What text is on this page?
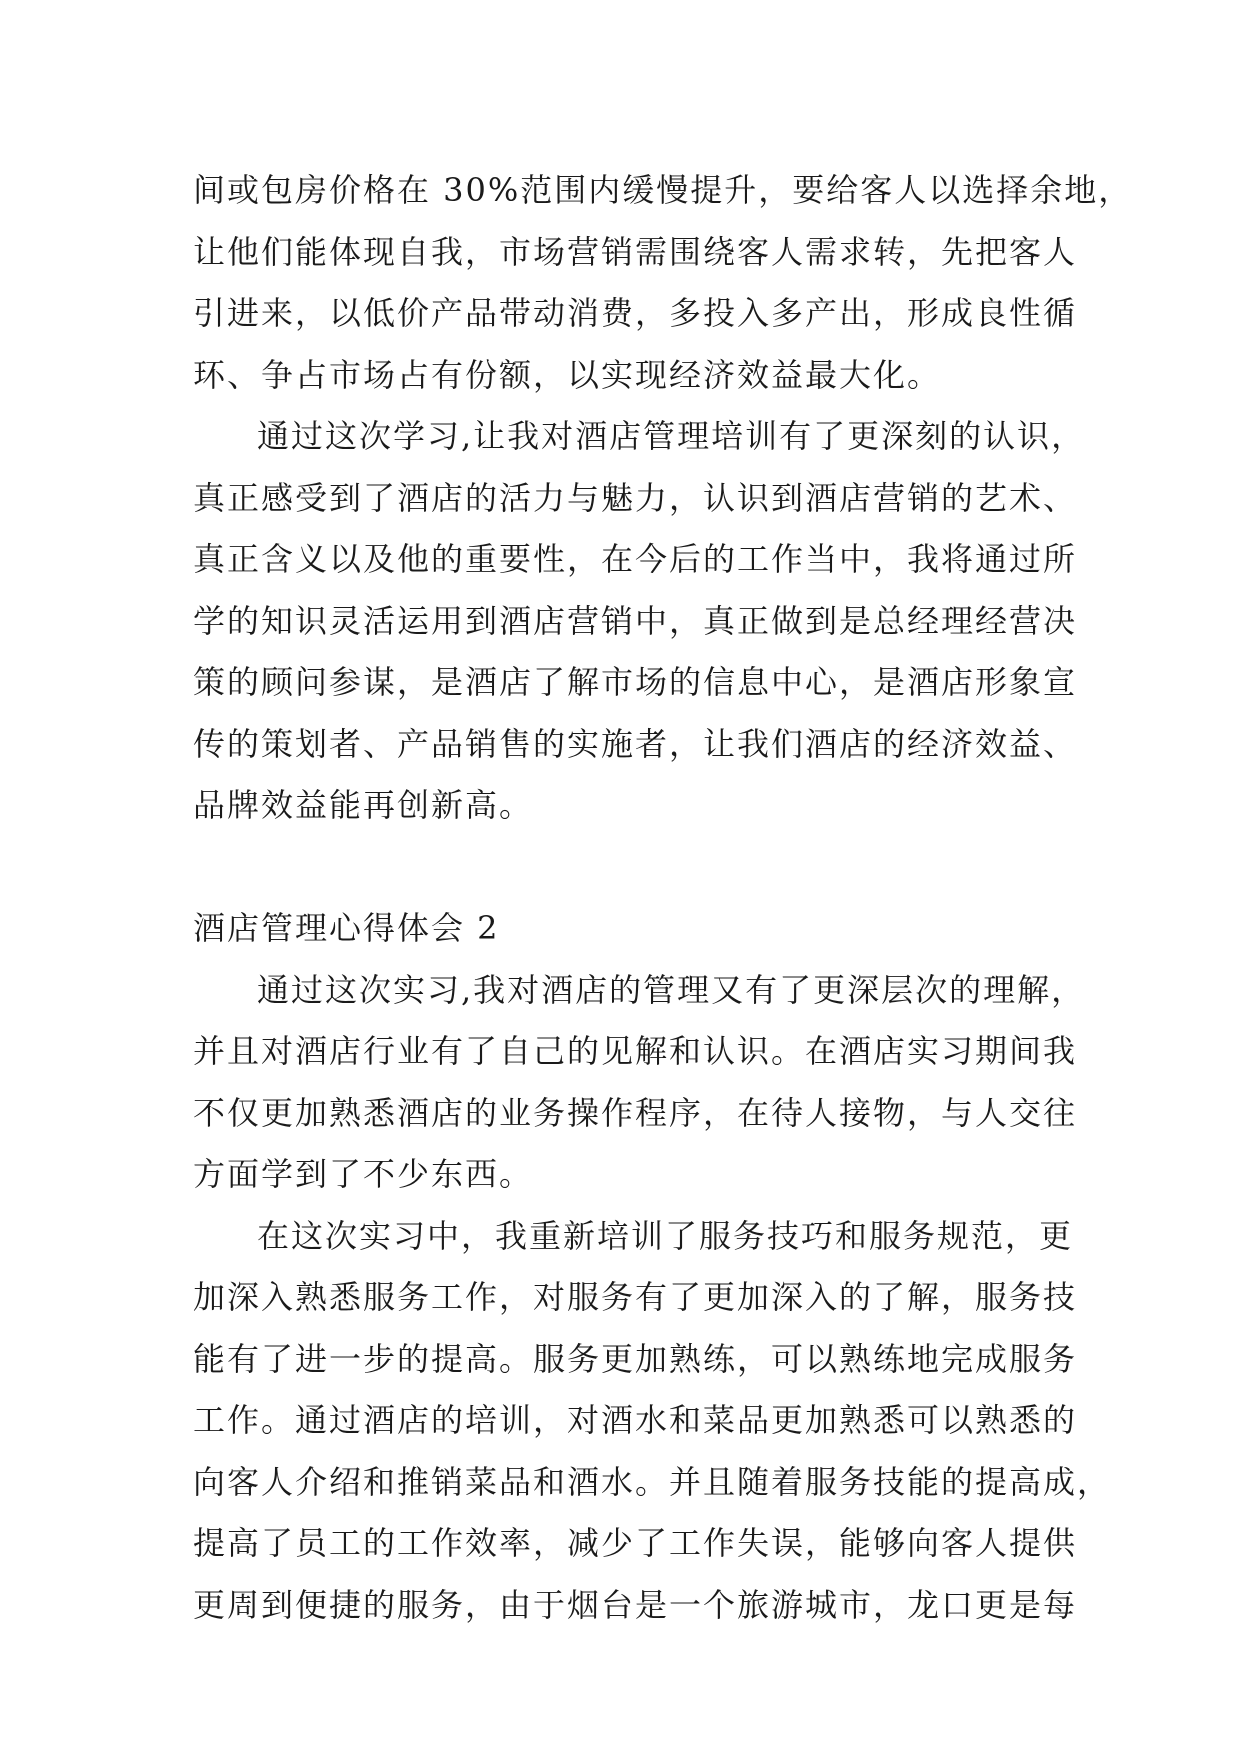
间或包房价格在 30%范围内缓慢提升，要给客人以选择余地，
让他们能体现自我，市场营销需围绕客人需求转，先把客人
引进来，以低价产品带动消费，多投入多产出，形成良性循
环、争占市场占有份额，以实现经济效益最大化。
通过这次学习,让我对酒店管理培训有了更深刻的认识，
真正感受到了酒店的活力与魅力，认识到酒店营销的艺术、
真正含义以及他的重要性，在今后的工作当中，我将通过所
学的知识灵活运用到酒店营销中，真正做到是总经理经营决
策的顾问参谋，是酒店了解市场的信息中心，是酒店形象宣
传的策划者、产品销售的实施者，让我们酒店的经济效益、
品牌效益能再创新高。
酒店管理心得体会 2
通过这次实习,我对酒店的管理又有了更深层次的理解，
并且对酒店行业有了自己的见解和认识。在酒店实习期间我
不仅更加熟悉酒店的业务操作程序，在待人接物，与人交往
方面学到了不少东西。
在这次实习中，我重新培训了服务技巧和服务规范，更
加深入熟悉服务工作，对服务有了更加深入的了解，服务技
能有了进一步的提高。服务更加熟练，可以熟练地完成服务
工作。通过酒店的培训，对酒水和菜品更加熟悉可以熟悉的
向客人介绍和推销菜品和酒水。并且随着服务技能的提高成，
提高了员工的工作效率，减少了工作失误，能够向客人提供
更周到便捷的服务，由于烟台是一个旅游城市，龙口更是每
